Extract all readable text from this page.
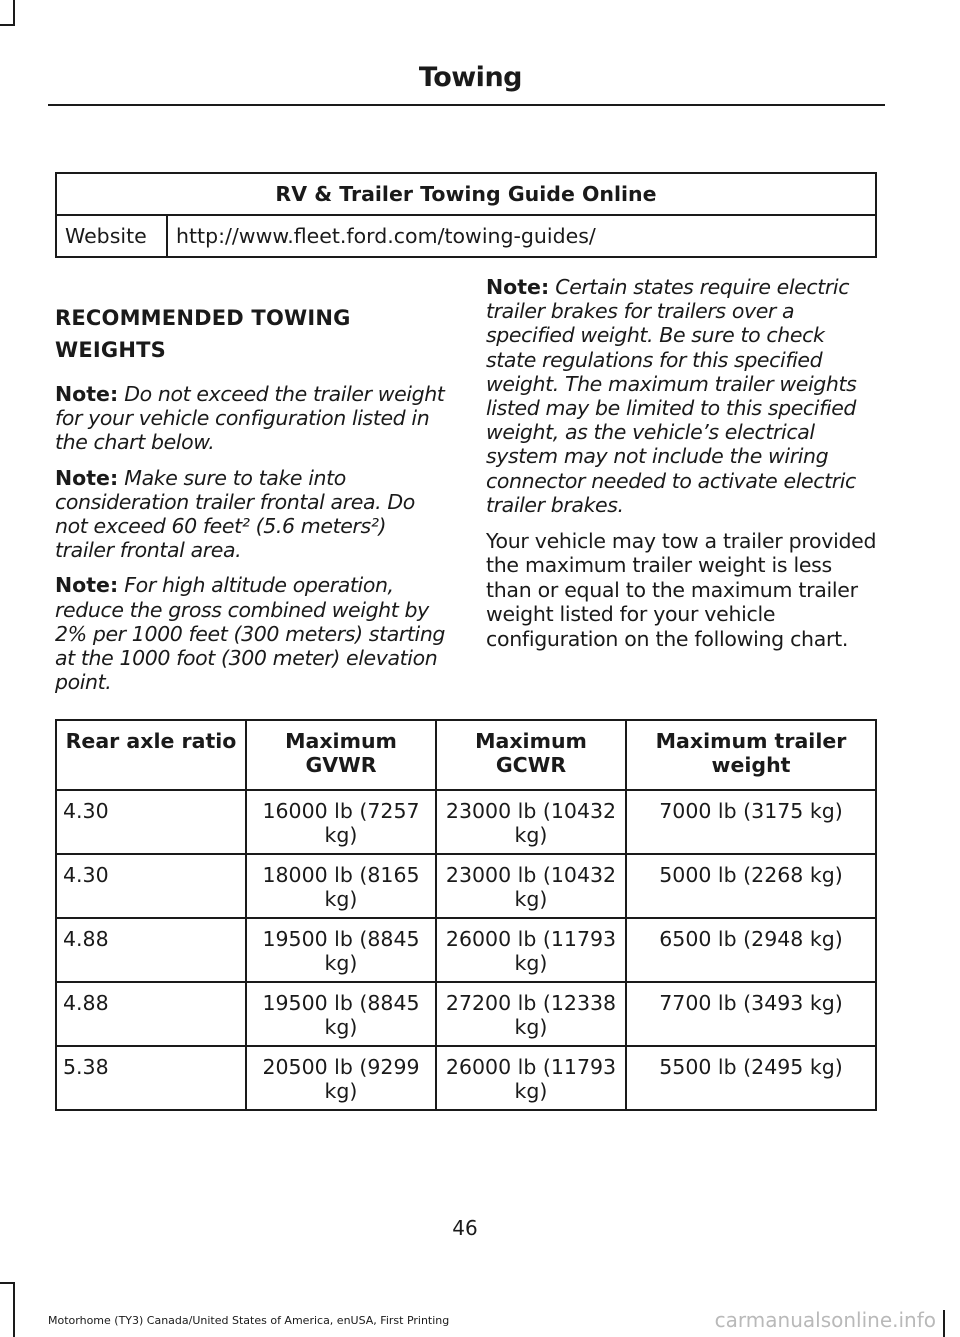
Towing
RV & Trailer Towing Guide Online
Website	http://www.fleet.ford.com/towing-guides/
RECOMMENDED TOWING
WEIGHTS

Note: Do not exceed the trailer weight for your vehicle configuration listed in the chart below.

Note: Make sure to take into consideration trailer frontal area. Do not exceed 60 feet² (5.6 meters²) trailer frontal area.

Note: For high altitude operation, reduce the gross combined weight by 2% per 1000 feet (300 meters) starting at the 1000 foot (300 meter) elevation point.

Note: Certain states require electric trailer brakes for trailers over a specified weight. Be sure to check state regulations for this specified weight. The maximum trailer weights listed may be limited to this specified weight, as the vehicle’s electrical system may not include the wiring connector needed to activate electric trailer brakes.

Your vehicle may tow a trailer provided the maximum trailer weight is less than or equal to the maximum trailer weight listed for your vehicle configuration on the following chart.

Rear axle ratio	Maximum GVWR	Maximum GCWR	Maximum trailer weight
4.30	16000 lb (7257 kg)	23000 lb (10432 kg)	7000 lb (3175 kg)
4.30	18000 lb (8165 kg)	23000 lb (10432 kg)	5000 lb (2268 kg)
4.88	19500 lb (8845 kg)	26000 lb (11793 kg)	6500 lb (2948 kg)
4.88	19500 lb (8845 kg)	27200 lb (12338 kg)	7700 lb (3493 kg)
5.38	20500 lb (9299 kg)	26000 lb (11793 kg)	5500 lb (2495 kg)
46
Motorhome (TY3) Canada/United States of America, enUSA, First Printing	carmanualsonline.info
